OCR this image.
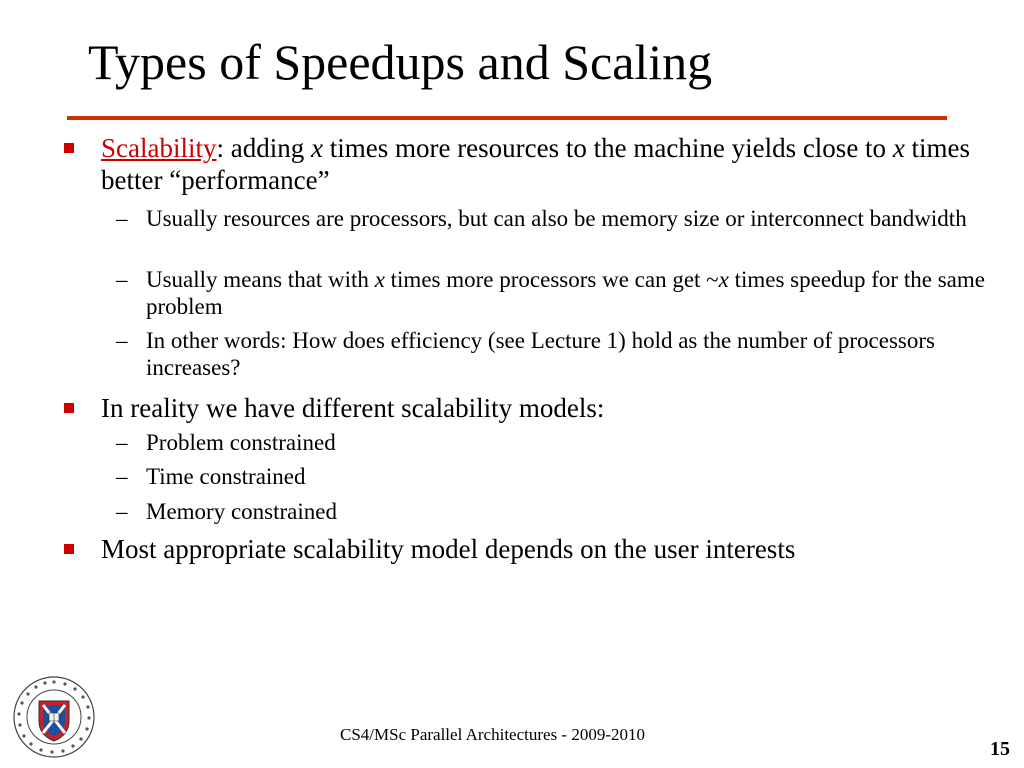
Types of Speedups and Scaling
Scalability: adding x times more resources to the machine yields close to x times better “performance”
– Usually resources are processors, but can also be memory size or interconnect bandwidth
– Usually means that with x times more processors we can get ~x times speedup for the same problem
– In other words: How does efficiency (see Lecture 1) hold as the number of processors increases?
In reality we have different scalability models:
– Problem constrained
– Time constrained
– Memory constrained
Most appropriate scalability model depends on the user interests
CS4/MSc Parallel Architectures - 2009-2010
15
